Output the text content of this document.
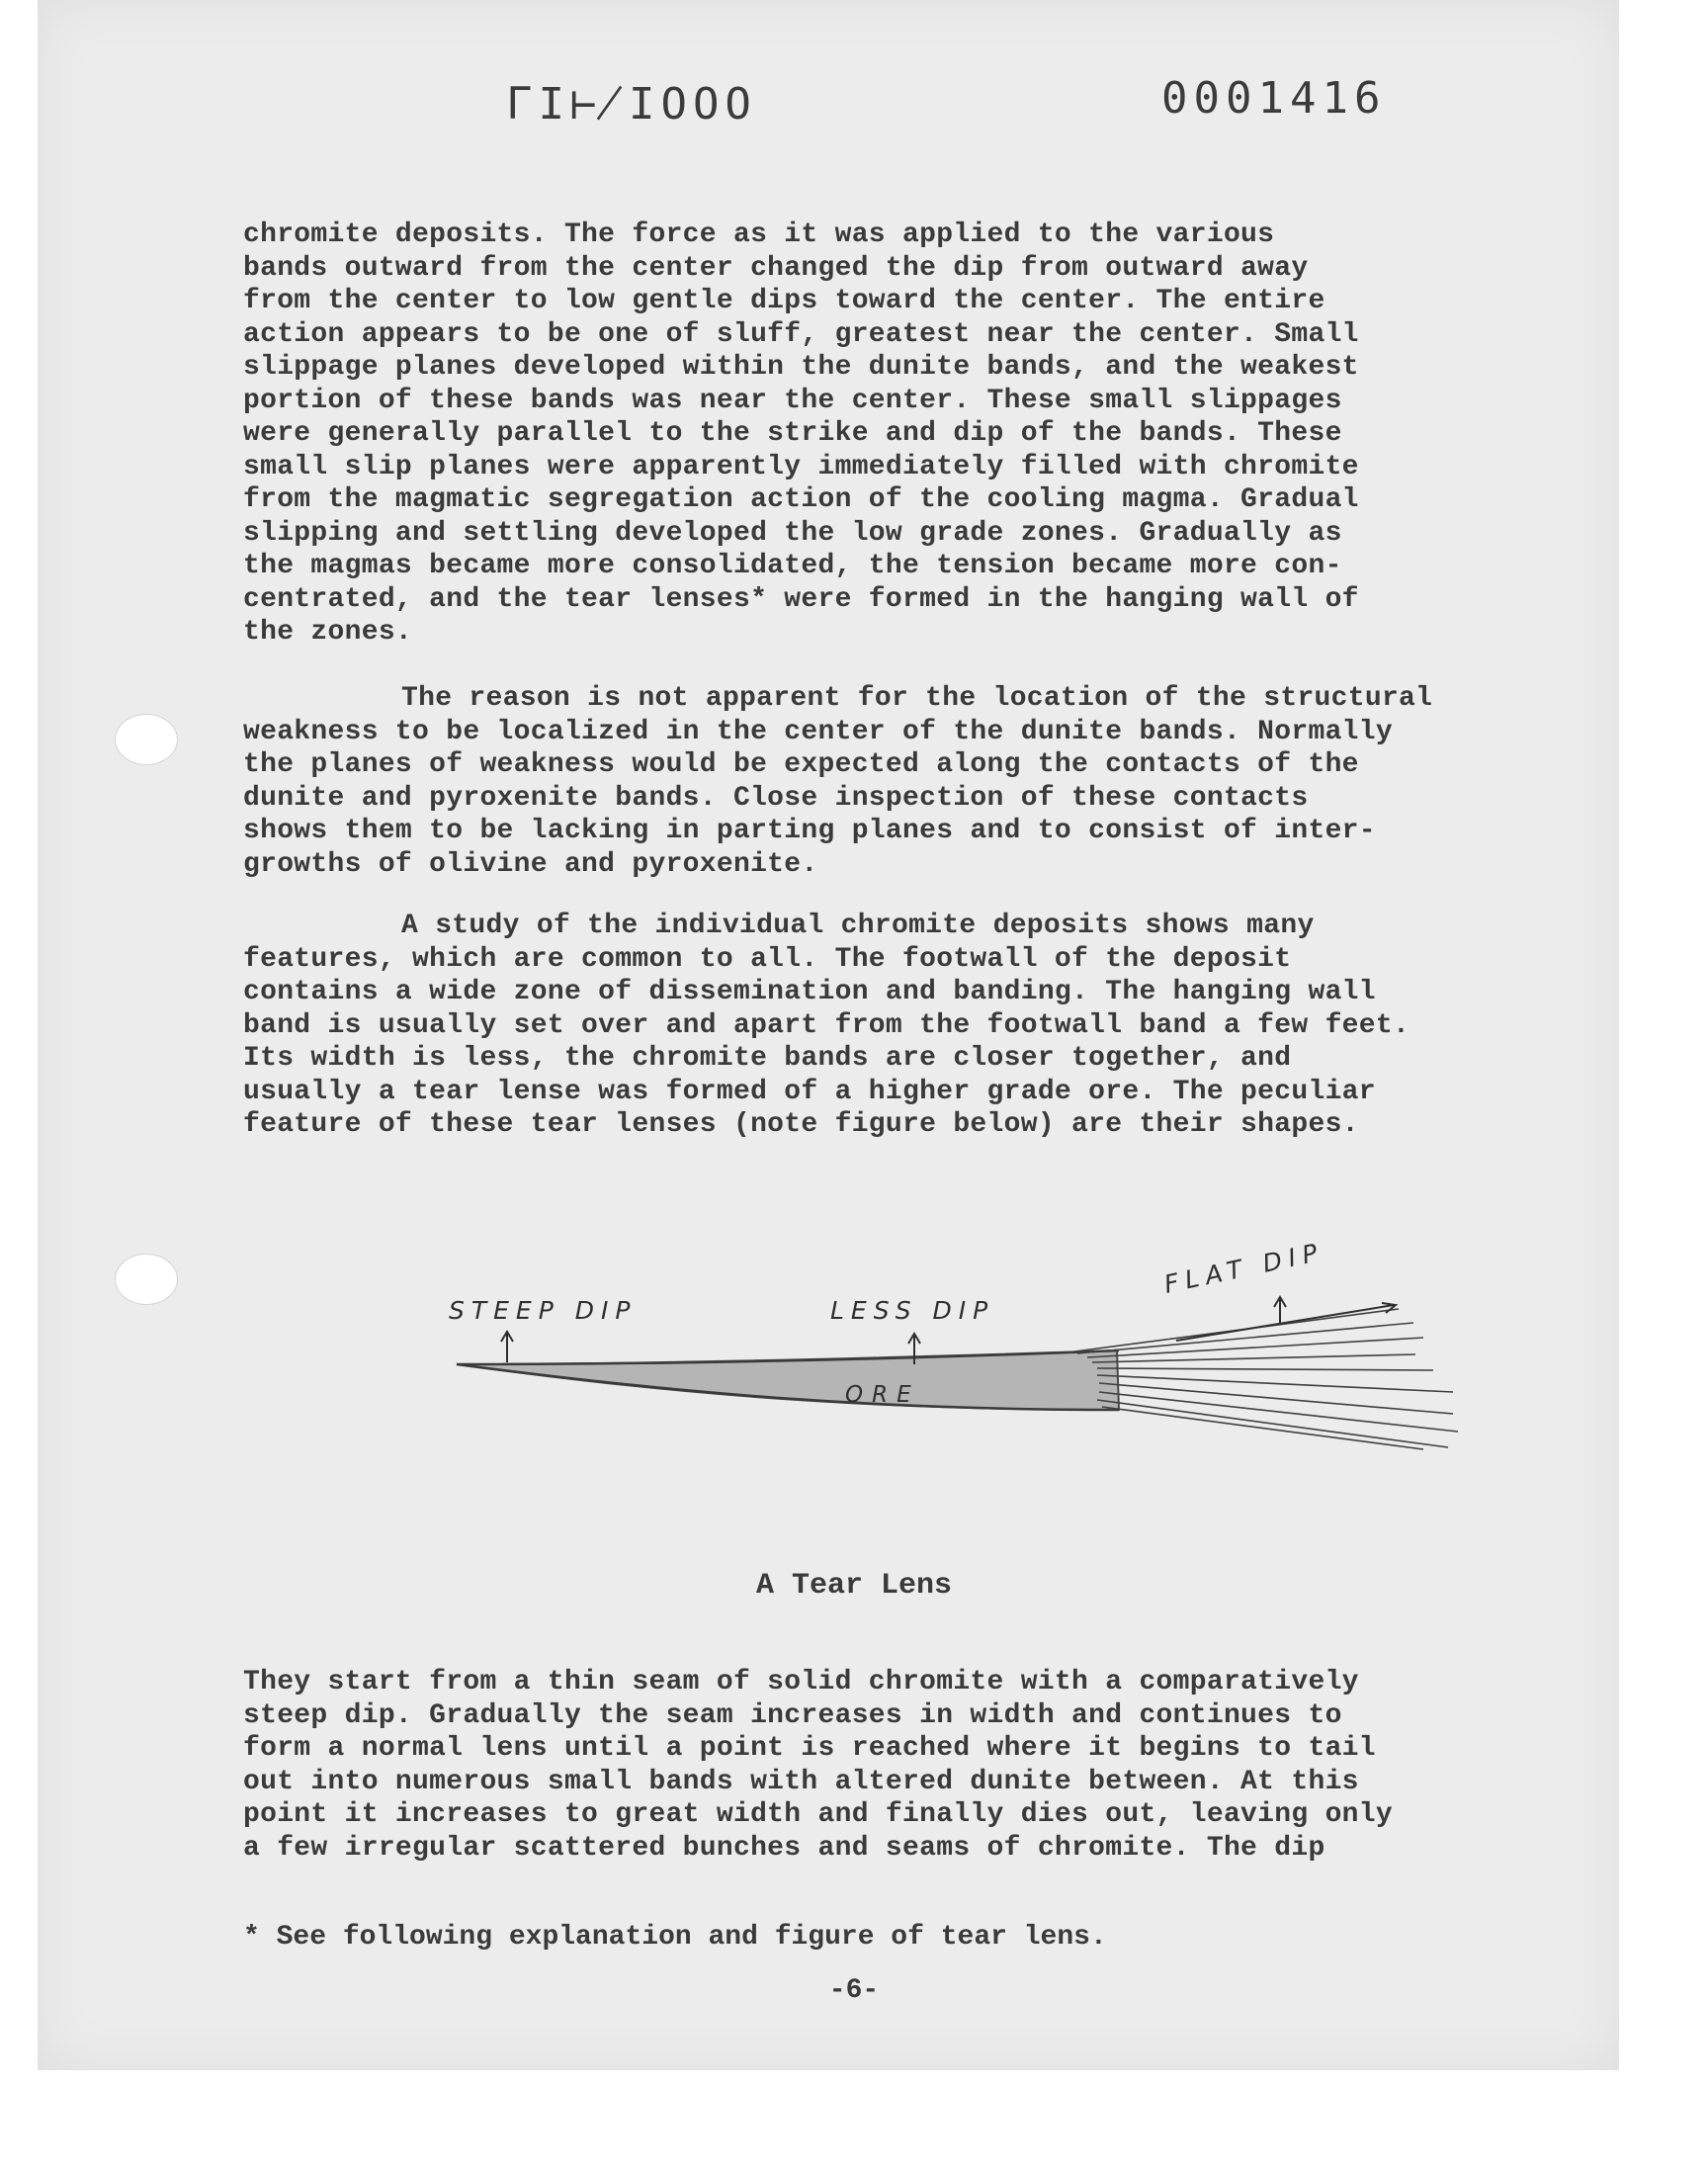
ΓI⊬IOOO	0001416

chromite deposits. The force as it was applied to the various
bands outward from the center changed the dip from outward away
from the center to low gentle dips toward the center. The entire
action appears to be one of sluff, greatest near the center. Small
slippage planes developed within the dunite bands, and the weakest
portion of these bands was near the center. These small slippages
were generally parallel to the strike and dip of the bands. These
small slip planes were apparently immediately filled with chromite
from the magmatic segregation action of the cooling magma. Gradual
slipping and settling developed the low grade zones. Gradually as
the magmas became more consolidated, the tension became more con-
centrated, and the tear lenses* were formed in the hanging wall of
the zones.

The reason is not apparent for the location of the structural
weakness to be localized in the center of the dunite bands. Normally
the planes of weakness would be expected along the contacts of the
dunite and pyroxenite bands. Close inspection of these contacts
shows them to be lacking in parting planes and to consist of inter-
growths of olivine and pyroxenite.

A study of the individual chromite deposits shows many
features, which are common to all. The footwall of the deposit
contains a wide zone of dissemination and banding. The hanging wall
band is usually set over and apart from the footwall band a few feet.
Its width is less, the chromite bands are closer together, and
usually a tear lense was formed of a higher grade ore. The peculiar
feature of these tear lenses (note figure below) are their shapes.

STEEP DIP	LESS DIP
FLAT DIP
ORE
A Tear Lens

They start from a thin seam of solid chromite with a comparatively
steep dip. Gradually the seam increases in width and continues to
form a normal lens until a point is reached where it begins to tail
out into numerous small bands with altered dunite between. At this
point it increases to great width and finally dies out, leaving only
a few irregular scattered bunches and seams of chromite. The dip

* See following explanation and figure of tear lens.

-6-
